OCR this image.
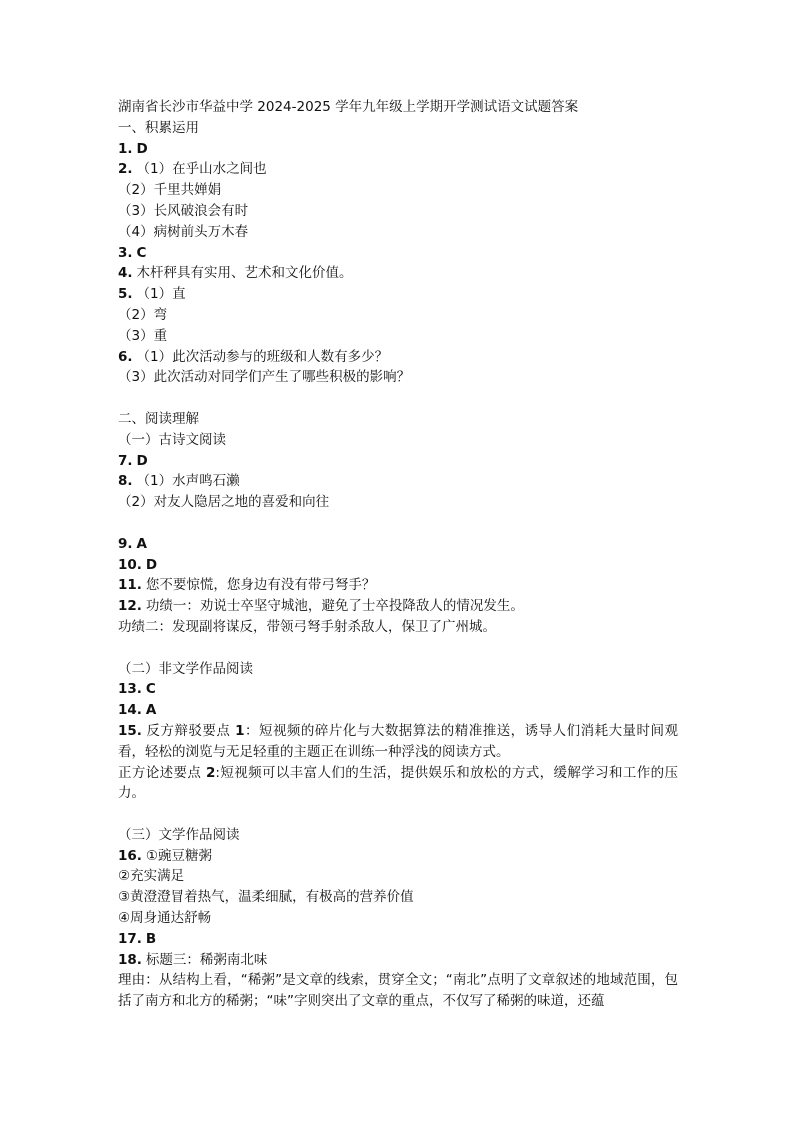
湖南省长沙市华益中学 2024-2025 学年九年级上学期开学测试语文试题答案
一、积累运用
1. D
2. （1）在乎山水之间也
（2）千里共婵娟
（3）长风破浪会有时
（4）病树前头万木春
3. C
4. 木杆秤具有实用、艺术和文化价值。
5. （1）直
（2）弯
（3）重
6. （1）此次活动参与的班级和人数有多少？
（3）此次活动对同学们产生了哪些积极的影响？
二、阅读理解
（一）古诗文阅读
7. D
8. （1）水声鸣石濑
（2）对友人隐居之地的喜爱和向往
9. A
10. D
11. 您不要惊慌，您身边有没有带弓弩手？
12. 功绩一：劝说士卒坚守城池，避免了士卒投降敌人的情况发生。
功绩二：发现副将谋反，带领弓弩手射杀敌人，保卫了广州城。
（二）非文学作品阅读
13. C
14. A
15. 反方辩驳要点 1：短视频的碎片化与大数据算法的精准推送，诱导人们消耗大量时间观看，轻松的浏览与无足轻重的主题正在训练一种浮浅的阅读方式。
正方论述要点 2:短视频可以丰富人们的生活，提供娱乐和放松的方式，缓解学习和工作的压力。
（三）文学作品阅读
16. ①豌豆糖粥
②充实满足
③黄澄澄冒着热气，温柔细腻，有极高的营养价值
④周身通达舒畅
17. B
18. 标题三：稀粥南北味
理由：从结构上看，“稀粥”是文章的线索，贯穿全文；“南北”点明了文章叙述的地域范围，包括了南方和北方的稀粥；“味”字则突出了文章的重点，不仅写了稀粥的味道，还蕴
